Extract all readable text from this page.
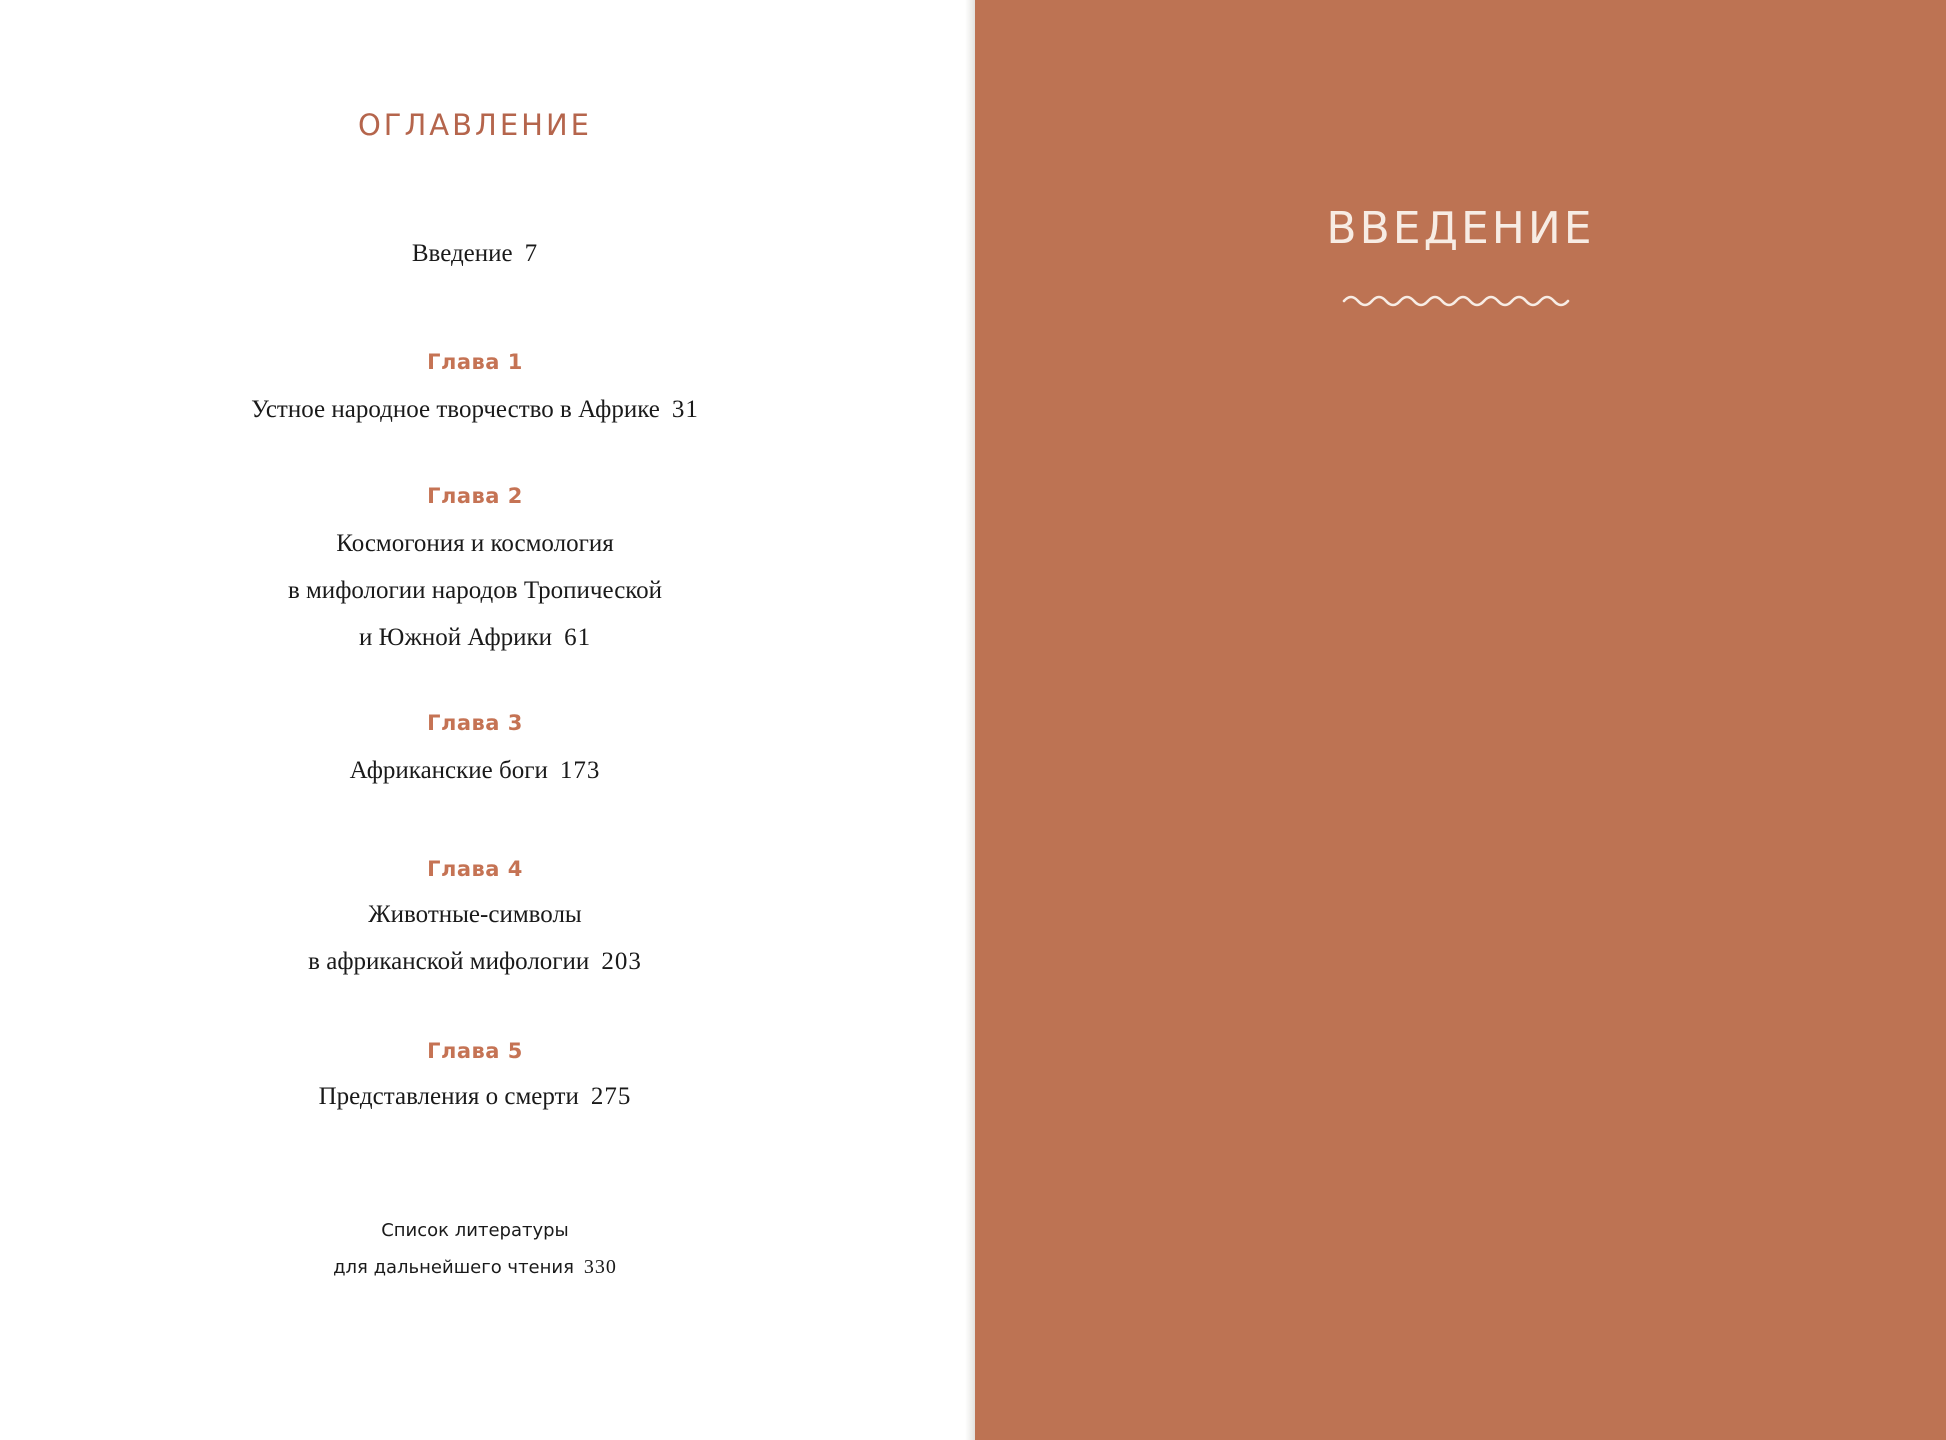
ОГЛАВЛЕНИЕ
Введение 7
Глава 1
Устное народное творчество в Африке 31
Глава 2
Космогония и космология
в мифологии народов Тропической
и Южной Африки 61
Глава 3
Африканские боги 173
Глава 4
Животные-символы
в африканской мифологии 203
Глава 5
Представления о смерти 275
Список литературы
для дальнейшего чтения 330
ВВЕДЕНИЕ
